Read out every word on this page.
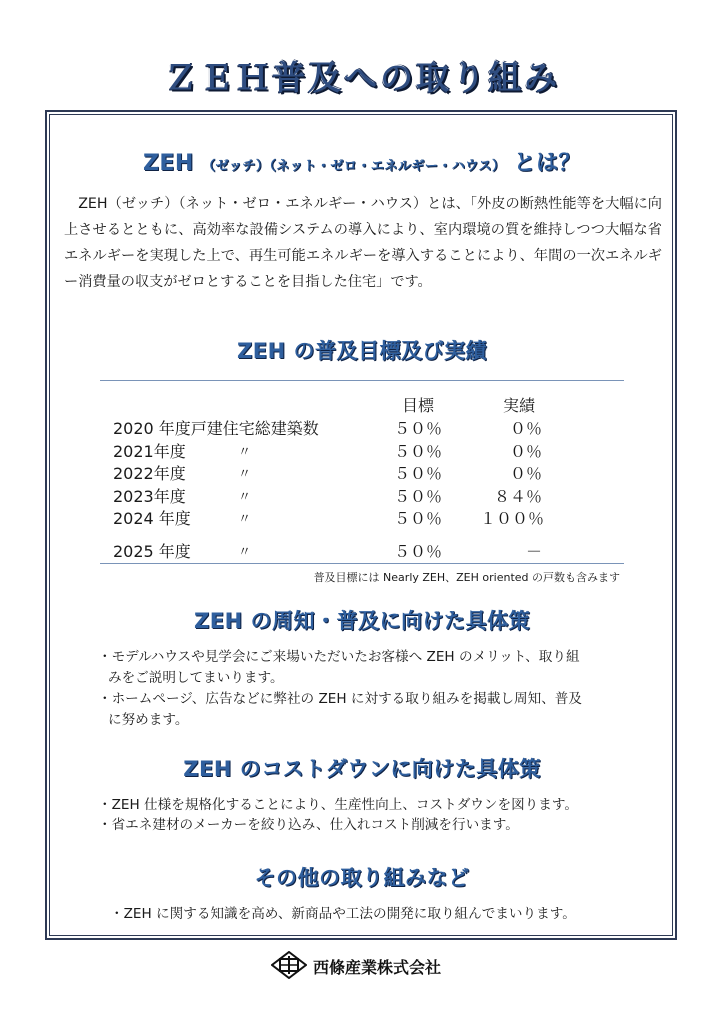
ＺＥＨ普及への取り組み
ZEH （ゼッチ）（ネット・ゼロ・エネルギー・ハウス） とは？
ZEH（ゼッチ）（ネット・ゼロ・エネルギー・ハウス）とは、「外皮の断熱性能等を大幅に向上させるとともに、高効率な設備システムの導入により、室内環境の質を維持しつつ大幅な省エネルギーを実現した上で、再生可能エネルギーを導入することにより、年間の一次エネルギー消費量の収支がゼロとすることを目指した住宅」です。
ZEH の普及目標及び実績
目標	実績
2020 年度戸建住宅総建築数	５０％	０％
2021年度	〃	５０％	０％
2022年度	〃	５０％	０％
2023年度	〃	５０％	８４％
2024 年度	〃	５０％ １００％
2025 年度	〃	５０％	－
普及目標には Nearly ZEH、ZEH oriented の戸数も含みます
ZEH の周知・普及に向けた具体策
・モデルハウスや見学会にご来場いただいたお客様へ ZEH のメリット、取り組
みをご説明してまいります。
・ホームページ、広告などに弊社の ZEH に対する取り組みを掲載し周知、普及
に努めます。
ZEH のコストダウンに向けた具体策
・ZEH 仕様を規格化することにより、生産性向上、コストダウンを図ります。
・省エネ建材のメーカーを絞り込み、仕入れコスト削減を行います。
その他の取り組みなど
・ZEH に関する知識を高め、新商品や工法の開発に取り組んでまいります。
西條産業株式会社
